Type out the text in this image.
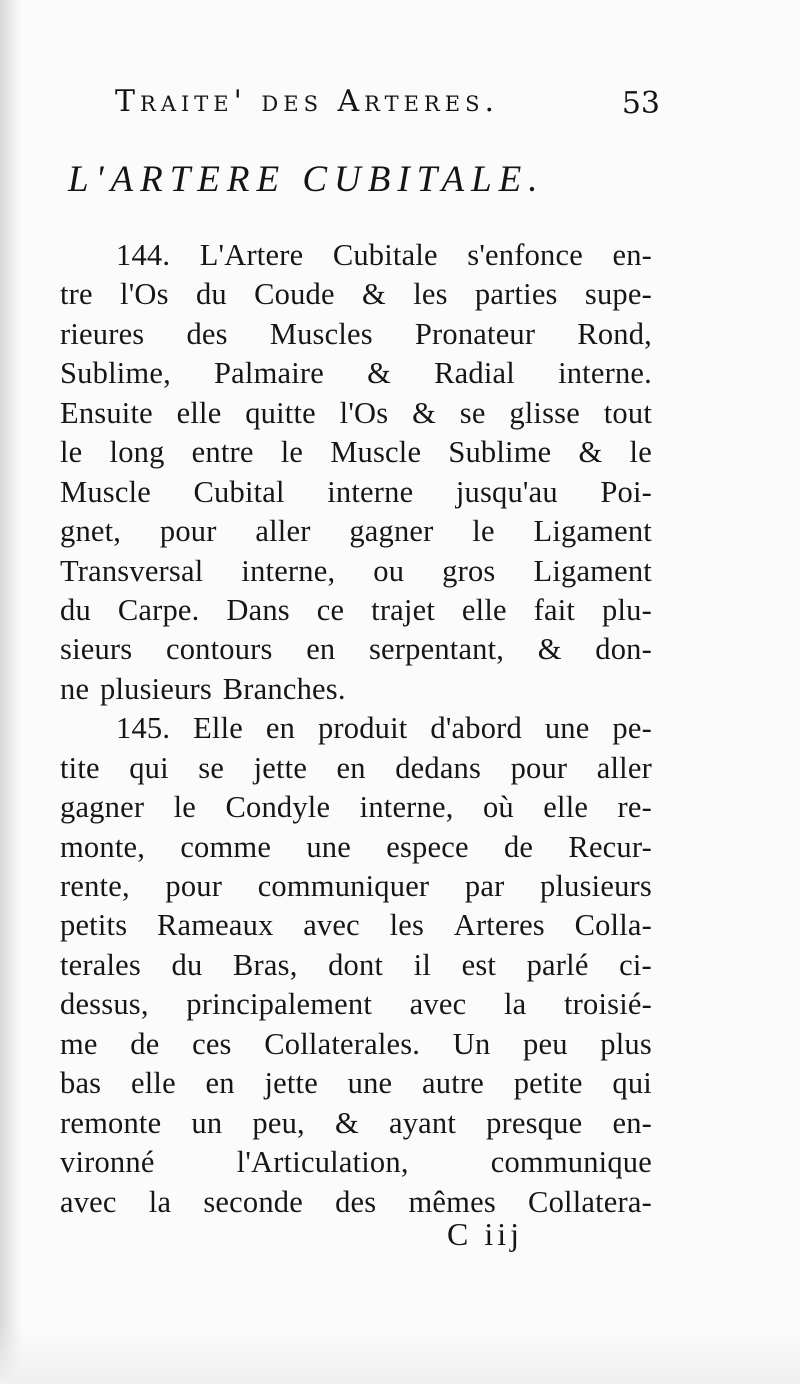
Traite' des Arteres.	53
L'ARTERE CUBITALE.
144. L'Artere Cubitale s'enfonce en-
tre l'Os du Coude & les parties supe-
rieures des Muscles Pronateur Rond,
Sublime, Palmaire & Radial interne.
Ensuite elle quitte l'Os & se glisse tout
le long entre le Muscle Sublime & le
Muscle Cubital interne jusqu'au Poi-
gnet, pour aller gagner le Ligament
Transversal interne, ou gros Ligament
du Carpe. Dans ce trajet elle fait plu-
sieurs contours en serpentant, & don-
ne plusieurs Branches.
145. Elle en produit d'abord une pe-
tite qui se jette en dedans pour aller
gagner le Condyle interne, où elle re-
monte, comme une espece de Recur-
rente, pour communiquer par plusieurs
petits Rameaux avec les Arteres Colla-
terales du Bras, dont il est parlé ci-
dessus, principalement avec la troisié-
me de ces Collaterales. Un peu plus
bas elle en jette une autre petite qui
remonte un peu, & ayant presque en-
vironné	l'Articulation,	communique
avec la seconde des mêmes Collatera-
C iij
